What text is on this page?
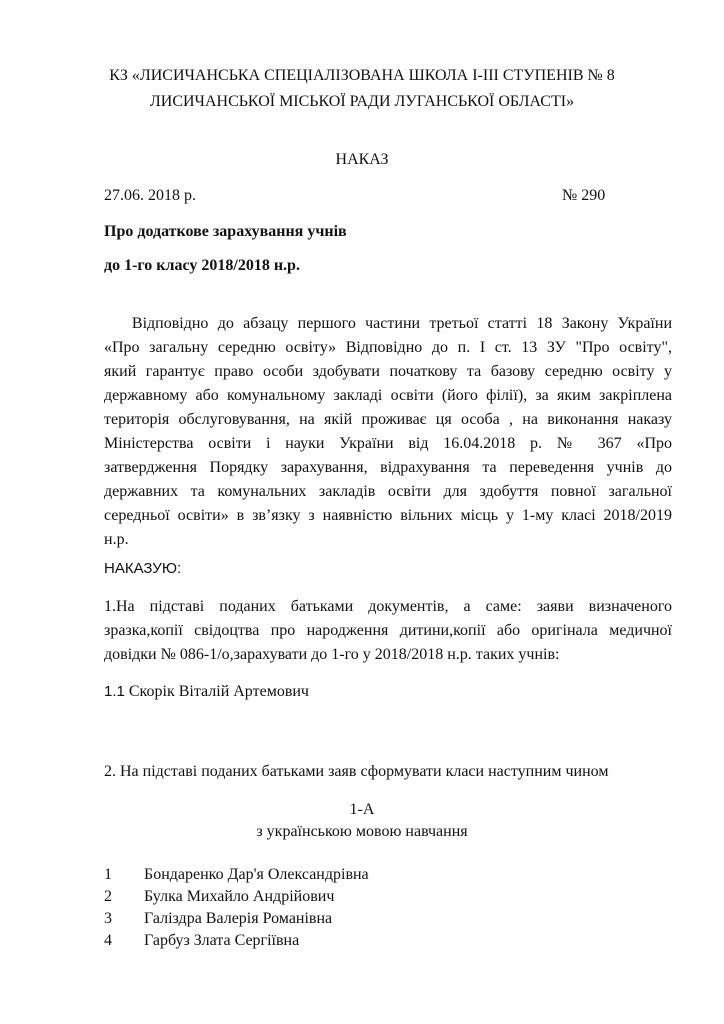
КЗ «ЛИСИЧАНСЬКА СПЕЦІАЛІЗОВАНА ШКОЛА І-ІІІ СТУПЕНІВ № 8
ЛИСИЧАНСЬКОЇ МІСЬКОЇ РАДИ ЛУГАНСЬКОЇ ОБЛАСТІ»
НАКАЗ
27.06. 2018 р.	№ 290
Про додаткове зарахування учнів
до 1-го класу 2018/2018 н.р.
Відповідно до абзацу першого частини третьої статті 18 Закону України
«Про загальну середню освіту» Відповідно до п. I ст. 13 ЗУ "Про освіту",
який гарантує право особи здобувати початкову та базову середню освіту у
державному або комунальному закладі освіти (його філії), за яким закріплена
територія обслуговування, на якій проживає ця особа , на виконання наказу
Міністерства освіти і науки України від 16.04.2018 р. № 367 «Про
затвердження Порядку зарахування, відрахування та переведення учнів до
державних та комунальних закладів освіти для здобуття повної загальної
середньої освіти» в зв’язку з наявністю вільних місць у 1-му класі 2018/2019
н.р.
НАКАЗУЮ:
1.На підставі поданих батьками документів, а саме: заяви визначеного
зразка,копії свідоцтва про народження дитини,копії або оригінала медичної
довідки № 086-1/о,зарахувати до 1-го у 2018/2018 н.р. таких учнів:
1.1 Скорік Віталій Артемович
2. На підставі поданих батьками заяв сформувати класи наступним чином
1-А
з українською мовою навчання
1 Бондаренко Дар'я Олександрівна
2 Булка Михайло Андрійович
3 Галіздра Валерія Романівна
4 Гарбуз Злата Сергіївна
